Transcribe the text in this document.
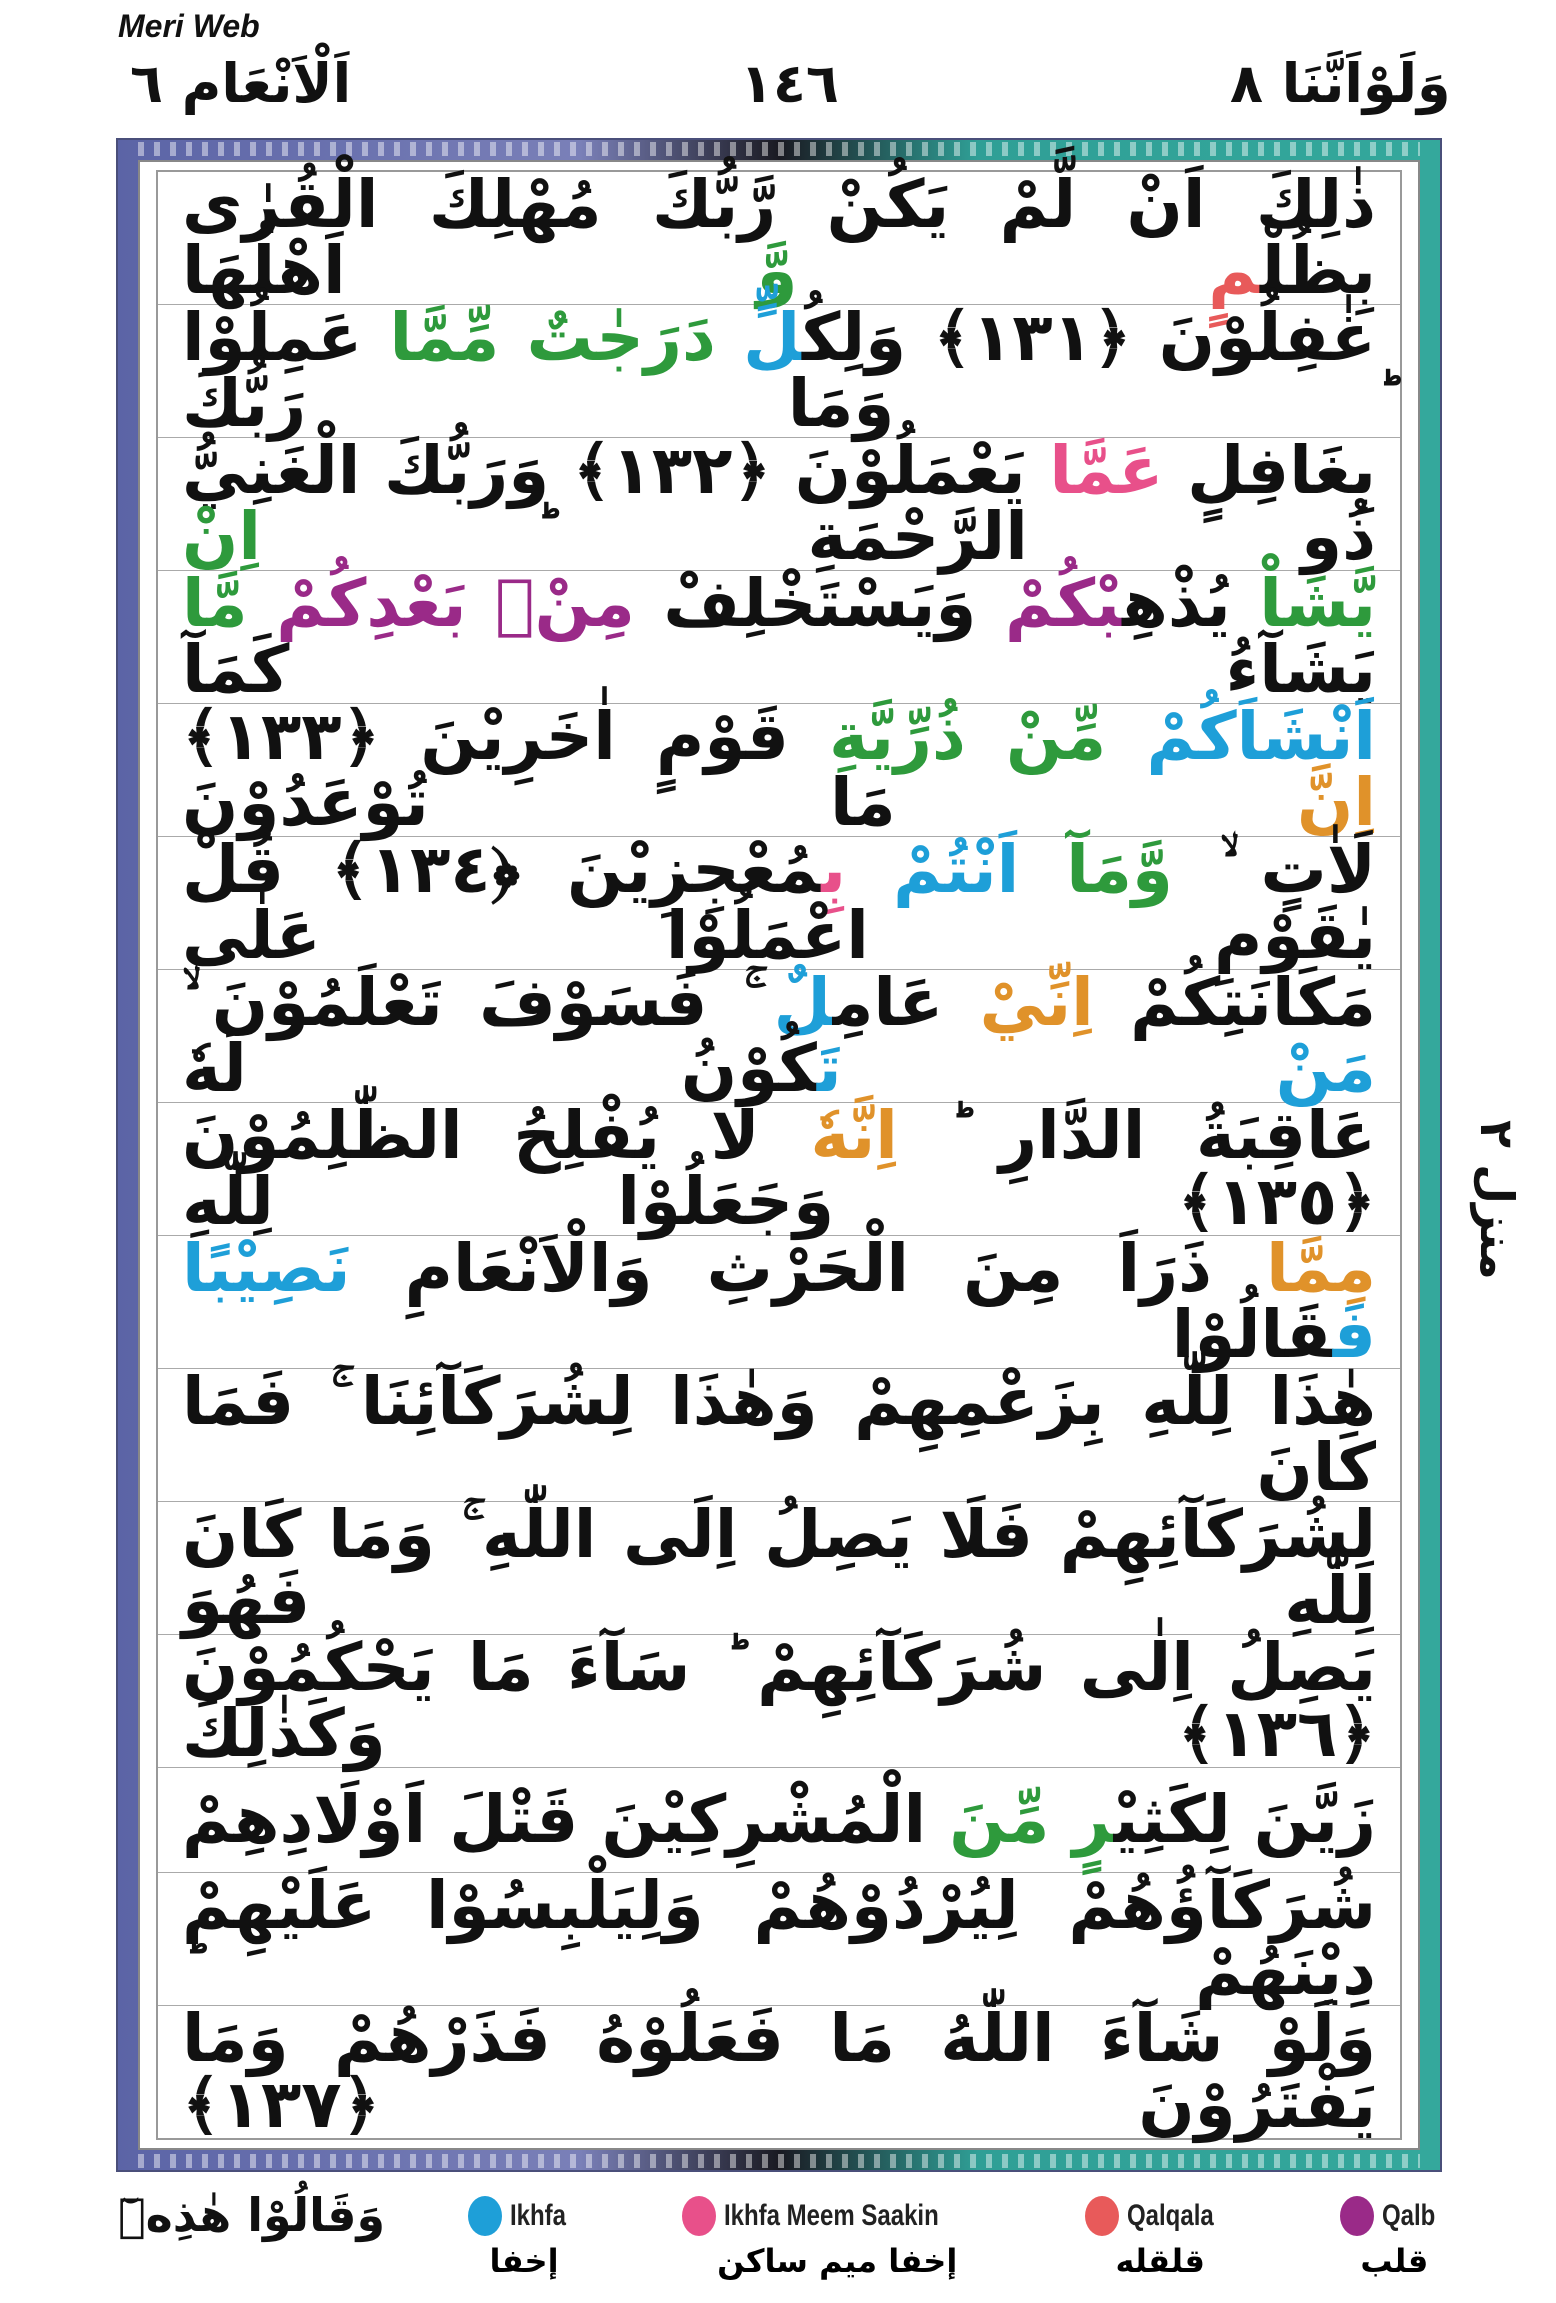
Meri Web
اَلْاَنْعَام ٦	١٤٦	وَلَوْاَنَّنَا ٨
ذٰلِكَ اَنْ لَّمْ يَكُنْ رَّبُّكَ مُهْلِكَ الْقُرٰى بِظُلْمٍ وَّ اَهْلُهَا
غٰفِلُوْنَ ﴿١٣١﴾ وَلِكُلٍّ دَرَجٰتٌ مِّمَّا عَمِلُوْا ؕ وَمَا رَبُّكَ
بِغَافِلٍ عَمَّا يَعْمَلُوْنَ ﴿١٣٢﴾ وَرَبُّكَ الْغَنِيُّ ذُو الرَّحْمَةِ ؕ اِنْ
يَّشَاْ يُذْهِبْكُمْ وَيَسْتَخْلِفْ مِنْۢ بَعْدِكُمْ مَّا يَشَآءُ كَمَآ
اَنْشَاَكُمْ مِّنْ ذُرِّيَّةِ قَوْمٍ اٰخَرِيْنَ ﴿١٣٣﴾ اِنَّ مَا تُوْعَدُوْنَ
لَاٰتٍ ۙ وَّمَآ اَنْتُمْ بِمُعْجِزِيْنَ ﴿١٣٤﴾ قُلْ يٰقَوْمِ اعْمَلُوْا عَلٰى
مَكَانَتِكُمْ اِنِّيْ عَامِلٌ ۚ فَسَوْفَ تَعْلَمُوْنَ ۙ مَنْ تَكُوْنُ لَهٗ
عَاقِبَةُ الدَّارِ ؕ اِنَّهٗ لَا يُفْلِحُ الظّٰلِمُوْنَ ﴿١٣٥﴾ وَجَعَلُوْا لِلّٰهِ
مِمَّا ذَرَاَ مِنَ الْحَرْثِ وَالْاَنْعَامِ نَصِيْبًا فَقَالُوْا
هٰذَا لِلّٰهِ بِزَعْمِهِمْ وَهٰذَا لِشُرَكَآئِنَا ۚ فَمَا كَانَ
لِشُرَكَآئِهِمْ فَلَا يَصِلُ اِلَى اللّٰهِ ۚ وَمَا كَانَ لِلّٰهِ فَهُوَ
يَصِلُ اِلٰى شُرَكَآئِهِمْ ؕ سَآءَ مَا يَحْكُمُوْنَ ﴿١٣٦﴾ وَكَذٰلِكَ
زَيَّنَ لِكَثِيْرٍ مِّنَ الْمُشْرِكِيْنَ قَتْلَ اَوْلَادِهِمْ
شُرَكَآؤُهُمْ لِيُرْدُوْهُمْ وَلِيَلْبِسُوْا عَلَيْهِمْ دِيْنَهُمْ ؕ
وَلَوْ شَآءَ اللّٰهُ مَا فَعَلُوْهُ فَذَرْهُمْ وَمَا يَفْتَرُوْنَ ﴿١٣٧﴾
منزل ٢
وَقَالُوْا هٰذِهٖٓ	Ikhfa
إخفا
Ikhfa Meem Saakin
إخفا ميم ساكن
Qalqala
قلقله
Qalb
قلب
